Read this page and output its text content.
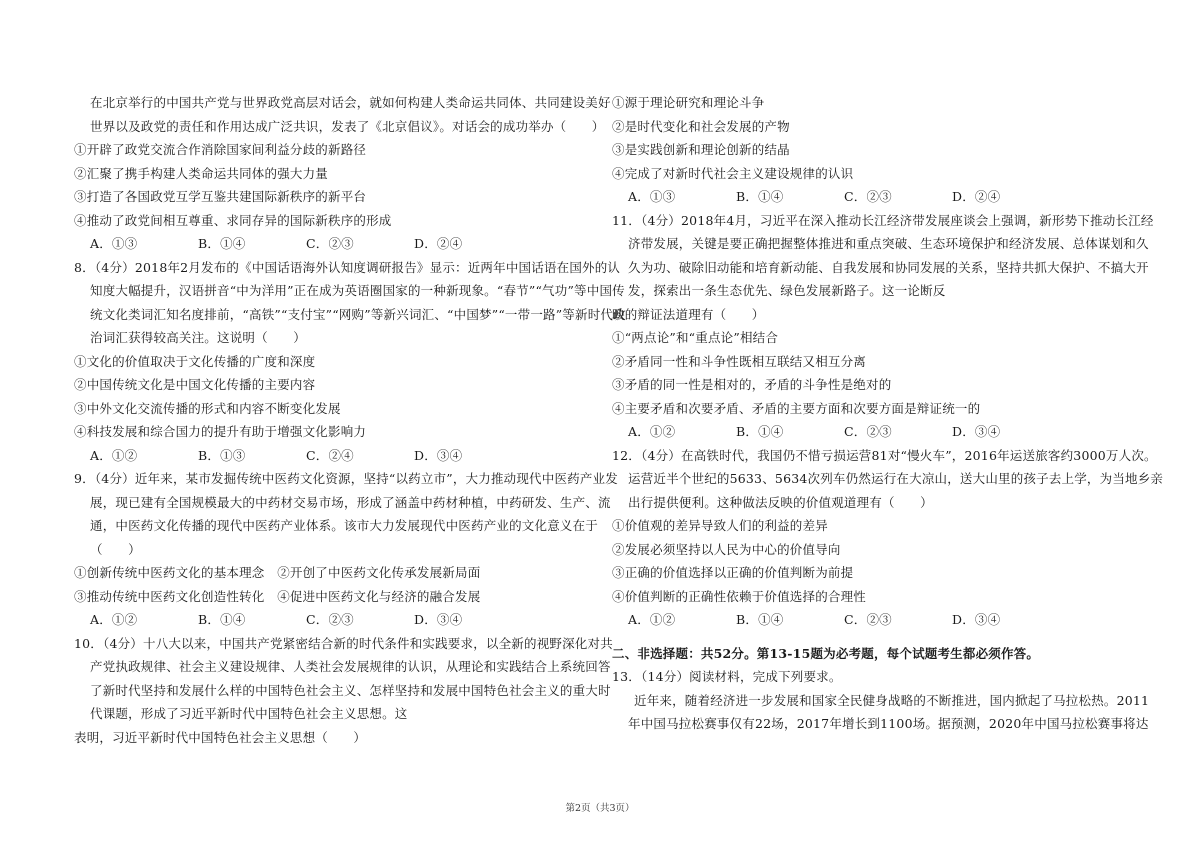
在北京举行的中国共产党与世界政党高层对话会，就如何构建人类命运共同体、共同建设美好
世界以及政党的责任和作用达成广泛共识，发表了《北京倡议》。对话会的成功举办（　　）
①开辟了政党交流合作消除国家间利益分歧的新路径
②汇聚了携手构建人类命运共同体的强大力量
③打造了各国政党互学互鉴共建国际新秩序的新平台
④推动了政党间相互尊重、求同存异的国际新秩序的形成
A．①③	B．①④	C．②③	D．②④
8．（4分）2018年2月发布的《中国话语海外认知度调研报告》显示：近两年中国话语在国外的认
知度大幅提升，汉语拼音“中为洋用”正在成为英语圈国家的一种新现象。“春节”“气功”等中国传
统文化类词汇知名度排前，“高铁”“支付宝”“网购”等新兴词汇、“中国梦”“一带一路”等新时代政
治词汇获得较高关注。这说明（　　）
①文化的价值取决于文化传播的广度和深度
②中国传统文化是中国文化传播的主要内容
③中外文化交流传播的形式和内容不断变化发展
④科技发展和综合国力的提升有助于增强文化影响力
A．①②	B．①③	C．②④	D．③④
9．（4分）近年来，某市发掘传统中医药文化资源，坚持“以药立市”，大力推动现代中医药产业发
展，现已建有全国规模最大的中药材交易市场，形成了涵盖中药材种植，中药研发、生产、流
通，中医药文化传播的现代中医药产业体系。该市大力发展现代中医药产业的文化意义在于
（　　）
①创新传统中医药文化的基本理念　②开创了中医药文化传承发展新局面
③推动传统中医药文化创造性转化　④促进中医药文化与经济的融合发展
A．①②	B．①④	C．②③	D．③④
10．（4分）十八大以来，中国共产党紧密结合新的时代条件和实践要求，以全新的视野深化对共
产党执政规律、社会主义建设规律、人类社会发展规律的认识，从理论和实践结合上系统回答
了新时代坚持和发展什么样的中国特色社会主义、怎样坚持和发展中国特色社会主义的重大时
代课题，形成了习近平新时代中国特色社会主义思想。这
表明，习近平新时代中国特色社会主义思想（　　）
①源于理论研究和理论斗争
②是时代变化和社会发展的产物
③是实践创新和理论创新的结晶
④完成了对新时代社会主义建设规律的认识
A．①③	B．①④	C．②③	D．②④
11．（4分）2018年4月，习近平在深入推动长江经济带发展座谈会上强调，新形势下推动长江经
济带发展，关键是要正确把握整体推进和重点突破、生态环境保护和经济发展、总体谋划和久
久为功、破除旧动能和培育新动能、自我发展和协同发展的关系，坚持共抓大保护、不搞大开
发，探索出一条生态优先、绿色发展新路子。这一论断反
映的辩证法道理有（　　）
①“两点论”和“重点论”相结合
②矛盾同一性和斗争性既相互联结又相互分离
③矛盾的同一性是相对的，矛盾的斗争性是绝对的
④主要矛盾和次要矛盾、矛盾的主要方面和次要方面是辩证统一的
A．①②	B．①④	C．②③	D．③④
12．（4分）在高铁时代，我国仍不惜亏损运营81对“慢火车”，2016年运送旅客约3000万人次。
运营近半个世纪的5633、5634次列车仍然运行在大凉山，送大山里的孩子去上学，为当地乡亲
出行提供便利。这种做法反映的价值观道理有（　　）
①价值观的差异导致人们的利益的差异
②发展必须坚持以人民为中心的价值导向
③正确的价值选择以正确的价值判断为前提
④价值判断的正确性依赖于价值选择的合理性
A．①②	B．①④	C．②③	D．③④
二、非选择题：共52分。第13-15题为必考题，每个试题考生都必须作答。
13．（14分）阅读材料，完成下列要求。
近年来，随着经济进一步发展和国家全民健身战略的不断推进，国内掀起了马拉松热。2011
年中国马拉松赛事仅有22场，2017年增长到1100场。据预测，2020年中国马拉松赛事将达
第2页（共3页）
